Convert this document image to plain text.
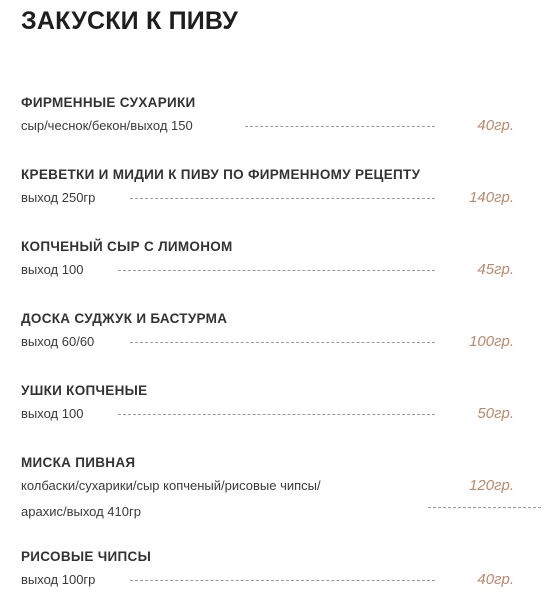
ЗАКУСКИ К ПИВУ
ФИРМЕННЫЕ СУХАРИКИ
сыр/чеснок/бекон/выход 150	40гр.
КРЕВЕТКИ И МИДИИ К ПИВУ ПО ФИРМЕННОМУ РЕЦЕПТУ
выход 250гр	140гр.
КОПЧЕНЫЙ СЫР С ЛИМОНОМ
выход 100	45гр.
ДОСКА СУДЖУК И БАСТУРМА
выход 60/60	100гр.
УШКИ КОПЧЕНЫЕ
выход 100	50гр.
МИСКА ПИВНАЯ
колбаски/сухарики/сыр копченый/рисовые чипсы/	120гр.
арахис/выход 410гр
РИСОВЫЕ ЧИПСЫ
выход 100гр	40гр.
